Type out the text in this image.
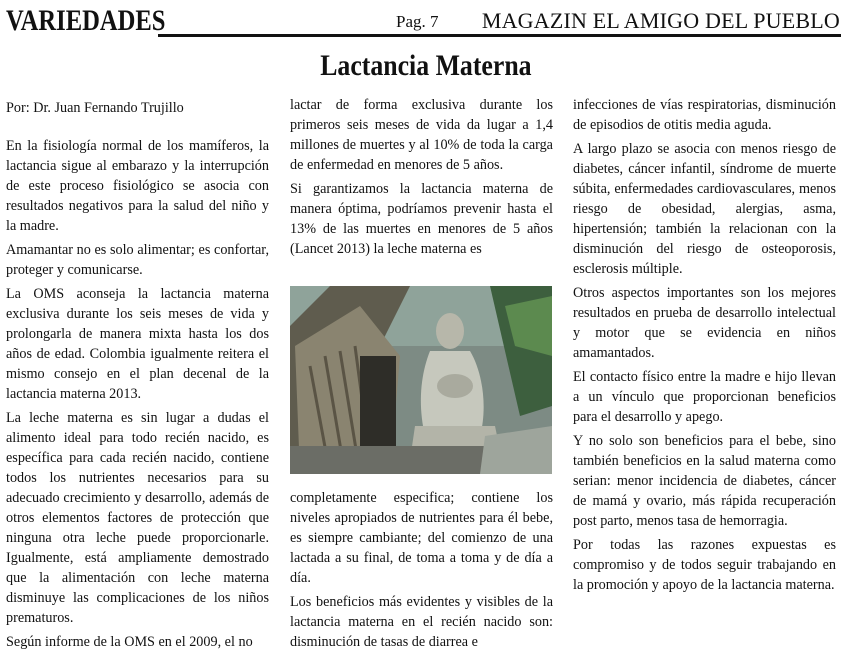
VARIEDADES	Pag. 7 MAGAZIN EL AMIGO DEL PUEBLO
Lactancia Materna

Por: Dr. Juan Fernando Trujillo

En la fisiología normal de los mamíferos, la lactancia sigue al embarazo y la interrupción de este proceso fisiológico se asocia con resultados negativos para la salud del niño y la madre.

Amamantar no es solo alimentar; es confortar, proteger y comunicarse.

La OMS aconseja la lactancia materna exclusiva durante los seis meses de vida y prolongarla de manera mixta hasta los dos años de edad. Colombia igualmente reitera el mismo consejo en el plan decenal de la lactancia materna 2013.

La leche materna es sin lugar a dudas el alimento ideal para todo recién nacido, es específica para cada recién nacido, contiene todos los nutrientes necesarios para su adecuado crecimiento y desarrollo, además de otros elementos factores de protección que ninguna otra leche puede proporcionarle. Igualmente, está ampliamente demostrado que la alimentación con leche materna disminuye las complicaciones de los niños prematuros.

Según informe de la OMS en el 2009, el no

lactar de forma exclusiva durante los primeros seis meses de vida da lugar a 1,4 millones de muertes y al 10% de toda la carga de enfermedad en menores de 5 años.

Si garantizamos la lactancia materna de manera óptima, podríamos prevenir hasta el 13% de las muertes en menores de 5 años (Lancet 2013) la leche materna es

completamente especifica; contiene los niveles apropiados de nutrientes para él bebe, es siempre cambiante; del comienzo de una lactada a su final, de toma a toma y de día a día.

Los beneficios más evidentes y visibles de la lactancia materna en el recién nacido son: disminución de tasas de diarrea e

infecciones de vías respiratorias, disminución de episodios de otitis media aguda.

A largo plazo se asocia con menos riesgo de diabetes, cáncer infantil, síndrome de muerte súbita, enfermedades cardiovasculares, menos riesgo de obesidad, alergias, asma, hipertensión; también la relacionan con la disminución del riesgo de osteoporosis, esclerosis múltiple.

Otros aspectos importantes son los mejores resultados en prueba de desarrollo intelectual y motor que se evidencia en niños amamantados.

El contacto físico entre la madre e hijo llevan a un vínculo que proporcionan beneficios para el desarrollo y apego.

Y no solo son beneficios para el bebe, sino también beneficios en la salud materna como serian: menor incidencia de diabetes, cáncer de mamá y ovario, más rápida recuperación post parto, menos tasa de hemorragia.

Por todas las razones expuestas es compromiso y de todos seguir trabajando en la promoción y apoyo de la lactancia materna.
